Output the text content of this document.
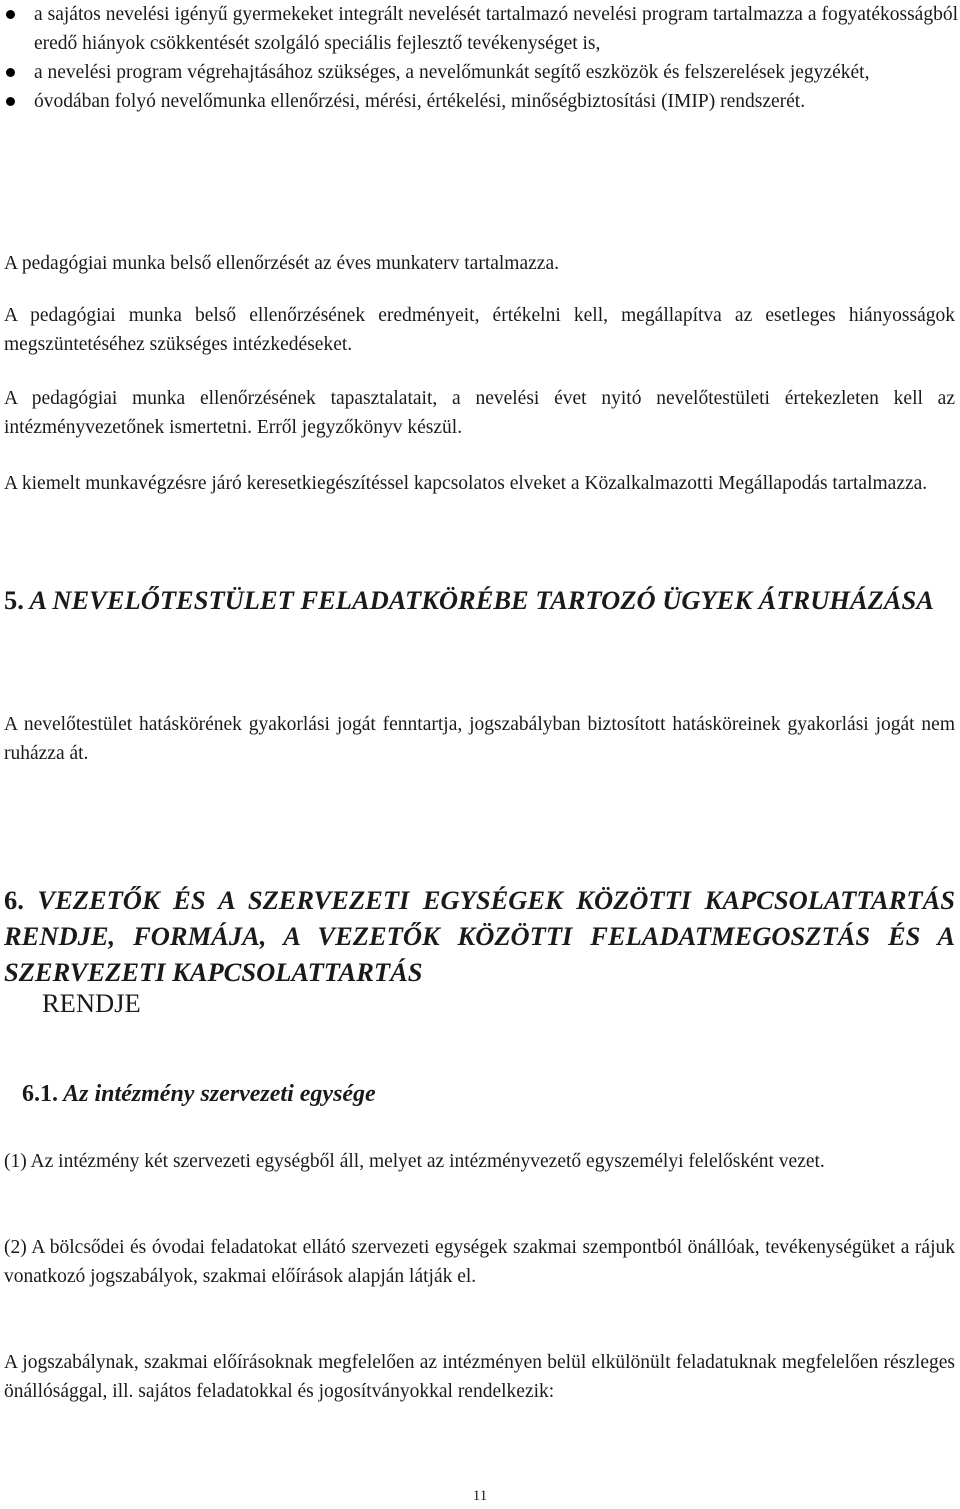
a sajátos nevelési igényű gyermekeket integrált nevelését tartalmazó nevelési program tartalmazza a fogyatékosságból eredő hiányok csökkentését szolgáló speciális fejlesztő tevékenységet is,
a nevelési program végrehajtásához szükséges, a nevelőmunkát segítő eszközök és felszerelések jegyzékét,
óvodában folyó nevelőmunka ellenőrzési, mérési, értékelési, minőségbiztosítási (IMIP) rendszerét.

A pedagógiai munka belső ellenőrzését az éves munkaterv tartalmazza.

A pedagógiai munka belső ellenőrzésének eredményeit, értékelni kell, megállapítva az esetleges hiányosságok megszüntetéséhez szükséges intézkedéseket.

A pedagógiai munka ellenőrzésének tapasztalatait, a nevelési évet nyitó nevelőtestületi értekezleten kell az intézményvezetőnek ismertetni. Erről jegyzőkönyv készül.

A kiemelt munkavégzésre járó keresetkiegészítéssel kapcsolatos elveket a Közalkalmazotti Megállapodás tartalmazza.

5. A NEVELŐTESTÜLET FELADATKÖRÉBE TARTOZÓ ÜGYEK ÁTRUHÁZÁSA

A nevelőtestület hatáskörének gyakorlási jogát fenntartja, jogszabályban biztosított hatásköreinek gyakorlási jogát nem ruházza át.

6. VEZETŐK ÉS A SZERVEZETI EGYSÉGEK KÖZÖTTI KAPCSOLATTARTÁS RENDJE, FORMÁJA, A VEZETŐK KÖZÖTTI FELADATMEGOSZTÁS ÉS A SZERVEZETI KAPCSOLATTARTÁS
RENDJE
6.1. Az intézmény szervezeti egysége

(1) Az intézmény két szervezeti egységből áll, melyet az intézményvezető egyszemélyi felelősként vezet.

(2) A bölcsődei és óvodai feladatokat ellátó szervezeti egységek szakmai szempontból önállóak, tevékenységüket a rájuk vonatkozó jogszabályok, szakmai előírások alapján látják el.

A jogszabálynak, szakmai előírásoknak megfelelően az intézményen belül elkülönült feladatuknak megfelelően részleges önállósággal, ill. sajátos feladatokkal és jogosítványokkal rendelkezik:

11
